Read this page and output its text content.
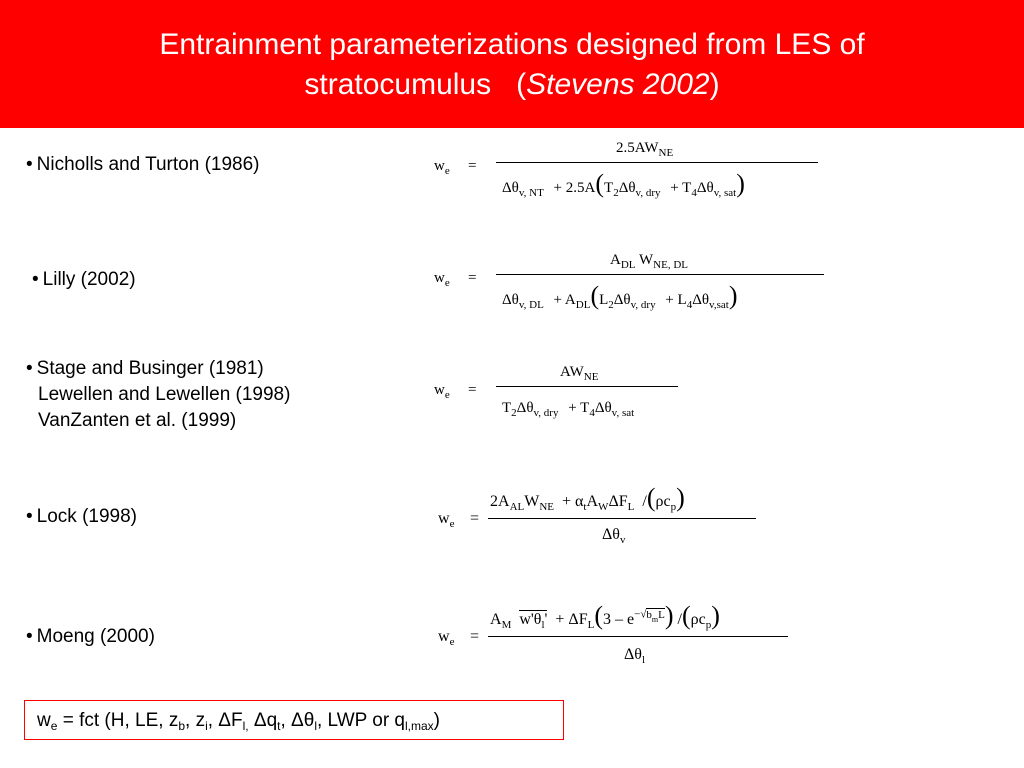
Entrainment parameterizations designed from LES of
stratocumulus (Stevens 2002)
• Nicholls and Turton (1986)
• Lilly (2002)
• Stage and Businger (1981)
Lewellen and Lewellen (1998)
VanZanten et al. (1999)
• Lock (1998)
• Moeng (2000)
$w_e$ =
$2.5AW_{NE}$
$\Delta\theta_{v, NT} + 2.5A(T_2\Delta\theta_{v, dry} + T_4\Delta\theta_{v, sat})$
$w_e$ =
$A_{DL}$ $W_{NE, DL}$
$\Delta\theta_{v, DL} + A_{DL}(L_2\Delta\theta_{v, dry} + L_4\Delta\theta_{v,sat})$
$w_e$ =
$AW_{NE}$
$T_2\Delta\theta_{v, dry} + T_4\Delta\theta_{v, sat}$
$w_e$ =
$2A_{AL}W_{NE} + \alpha_tA_W\Delta F_L$ $/(\rho c_p)$
$\Delta\theta_v$
$w_e$ =
$A_M$ $w'\theta_l' + \Delta F_L(3 - e^{-√b_mL})$ $/(\rho c_p)$
$\Delta\theta_l$
$w_e$ = fct (H, LE, $z_b$, $z_i$, $\Delta F_{l,}$ $\Delta q_t$, $\Delta\theta_l$, LWP or $q_{l,max}$)
